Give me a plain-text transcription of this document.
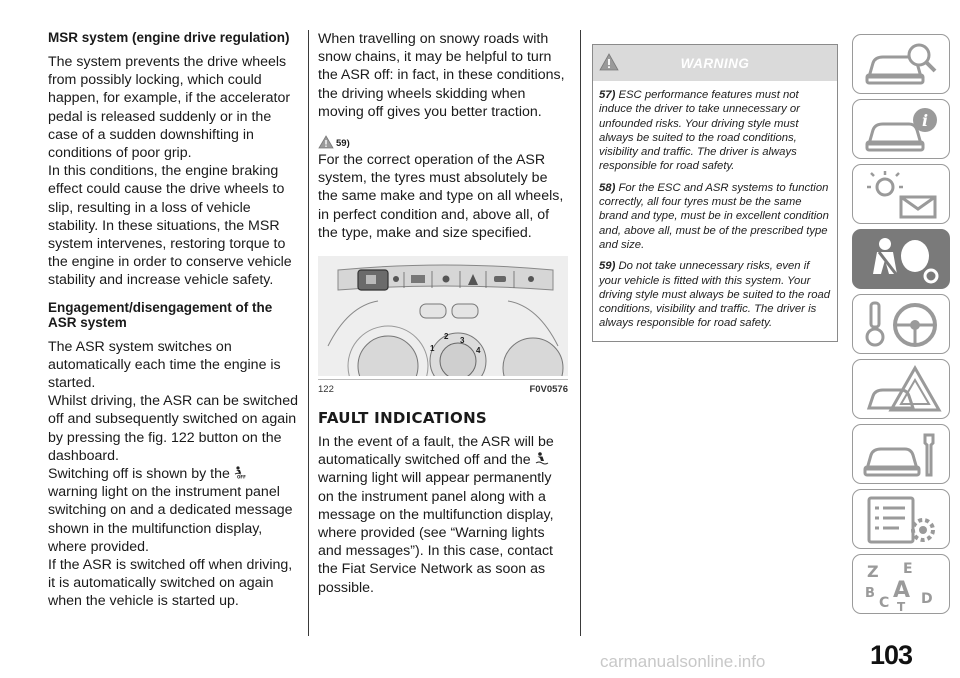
MSR system (engine drive regulation)
The system prevents the drive wheels from possibly locking, which could happen, for example, if the accelerator pedal is released suddenly or in the case of a sudden downshifting in conditions of poor grip.
In this conditions, the engine braking effect could cause the drive wheels to slip, resulting in a loss of vehicle stability. In these situations, the MSR system intervenes, restoring torque to the engine in order to conserve vehicle stability and increase vehicle safety.
Engagement/disengagement of the ASR system
The ASR system switches on automatically each time the engine is started.
Whilst driving, the ASR can be switched off and subsequently switched on again by pressing the fig. 122 button on the dashboard.
Switching off is shown by the OFF
warning light on the instrument panel switching on and a dedicated message shown in the multifunction display, where provided.
If the ASR is switched off when driving, it is automatically switched on again when the vehicle is started up.
When travelling on snowy roads with snow chains, it may be helpful to turn the ASR off: in fact, in these conditions, the driving wheels skidding when moving off gives you better traction.
59)
For the correct operation of the ASR system, the tyres must absolutely be the same make and type on all wheels, in perfect condition and, above all, of the type, make and size specified.
1
2 3
4
122	F0V0576
FAULT INDICATIONS
In the event of a fault, the ASR will be automatically switched off and the  warning light will appear permanently on the instrument panel along with a message on the multifunction display, where provided (see “Warning lights and messages”). In this case, contact the Fiat Service Network as soon as possible.
WARNING
57) ESC performance features must not induce the driver to take unnecessary or unfounded risks. Your driving style must always be suited to the road conditions, visibility and traffic. The driver is always responsible for road safety.
58) For the ESC and ASR systems to function correctly, all four tyres must be the same brand and type, must be in excellent condition and, above all, must be of the prescribed type and size.
59) Do not take unnecessary risks, even if your vehicle is fitted with this system. Your driving style must always be suited to the road conditions, visibility and traffic. The driver is always responsible for road safety.
i
Z E
B A
C D
T
103
carmanualsonline.info
